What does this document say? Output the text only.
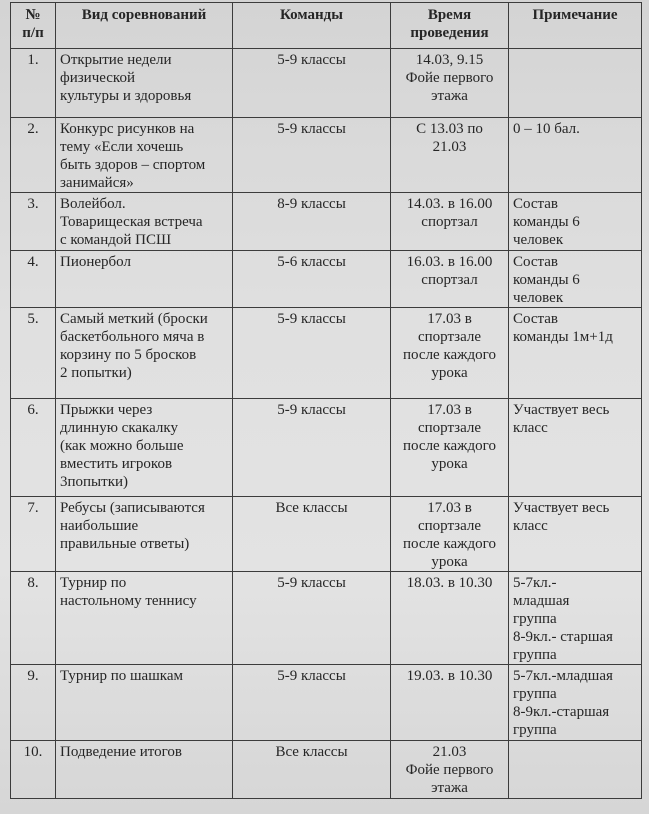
№
п/п	Вид соревнований	Команды	Время
проведения	Примечание
1.	Открытие недели
физической
культуры и здоровья	5-9 классы	14.03, 9.15
Фойе первого
этажа	
2.	Конкурс рисунков на
тему «Если хочешь
быть здоров – спортом
занимайся»	5-9 классы	С 13.03 по
21.03	0 – 10 бал.
3.	Волейбол.
Товарищеская встреча
с командой ПСШ	8-9 классы	14.03. в 16.00
спортзал	Состав
команды 6
человек
4.	Пионербол	5-6 классы	16.03. в 16.00
спортзал	Состав
команды 6
человек
5.	Самый меткий (броски
баскетбольного мяча в
корзину по 5 бросков
2 попытки)	5-9 классы	17.03 в
спортзале
после каждого
урока	Состав
команды 1м+1д
6.	Прыжки через
длинную скакалку
(как можно больше
вместить игроков
3попытки)	5-9 классы	17.03 в
спортзале
после каждого
урока	Участвует весь
класс
7.	Ребусы (записываются
наибольшие
правильные ответы)	Все классы	17.03 в
спортзале
после каждого
урока	Участвует весь
класс
8.	Турнир по
настольному теннису	5-9 классы	18.03. в 10.30	5-7кл.-
младшая
группа
8-9кл.- старшая
группа
9.	Турнир по шашкам	5-9 классы	19.03. в 10.30	5-7кл.-младшая
группа
8-9кл.-старшая
группа
10.	Подведение итогов	Все классы	21.03
Фойе первого
этажа	
